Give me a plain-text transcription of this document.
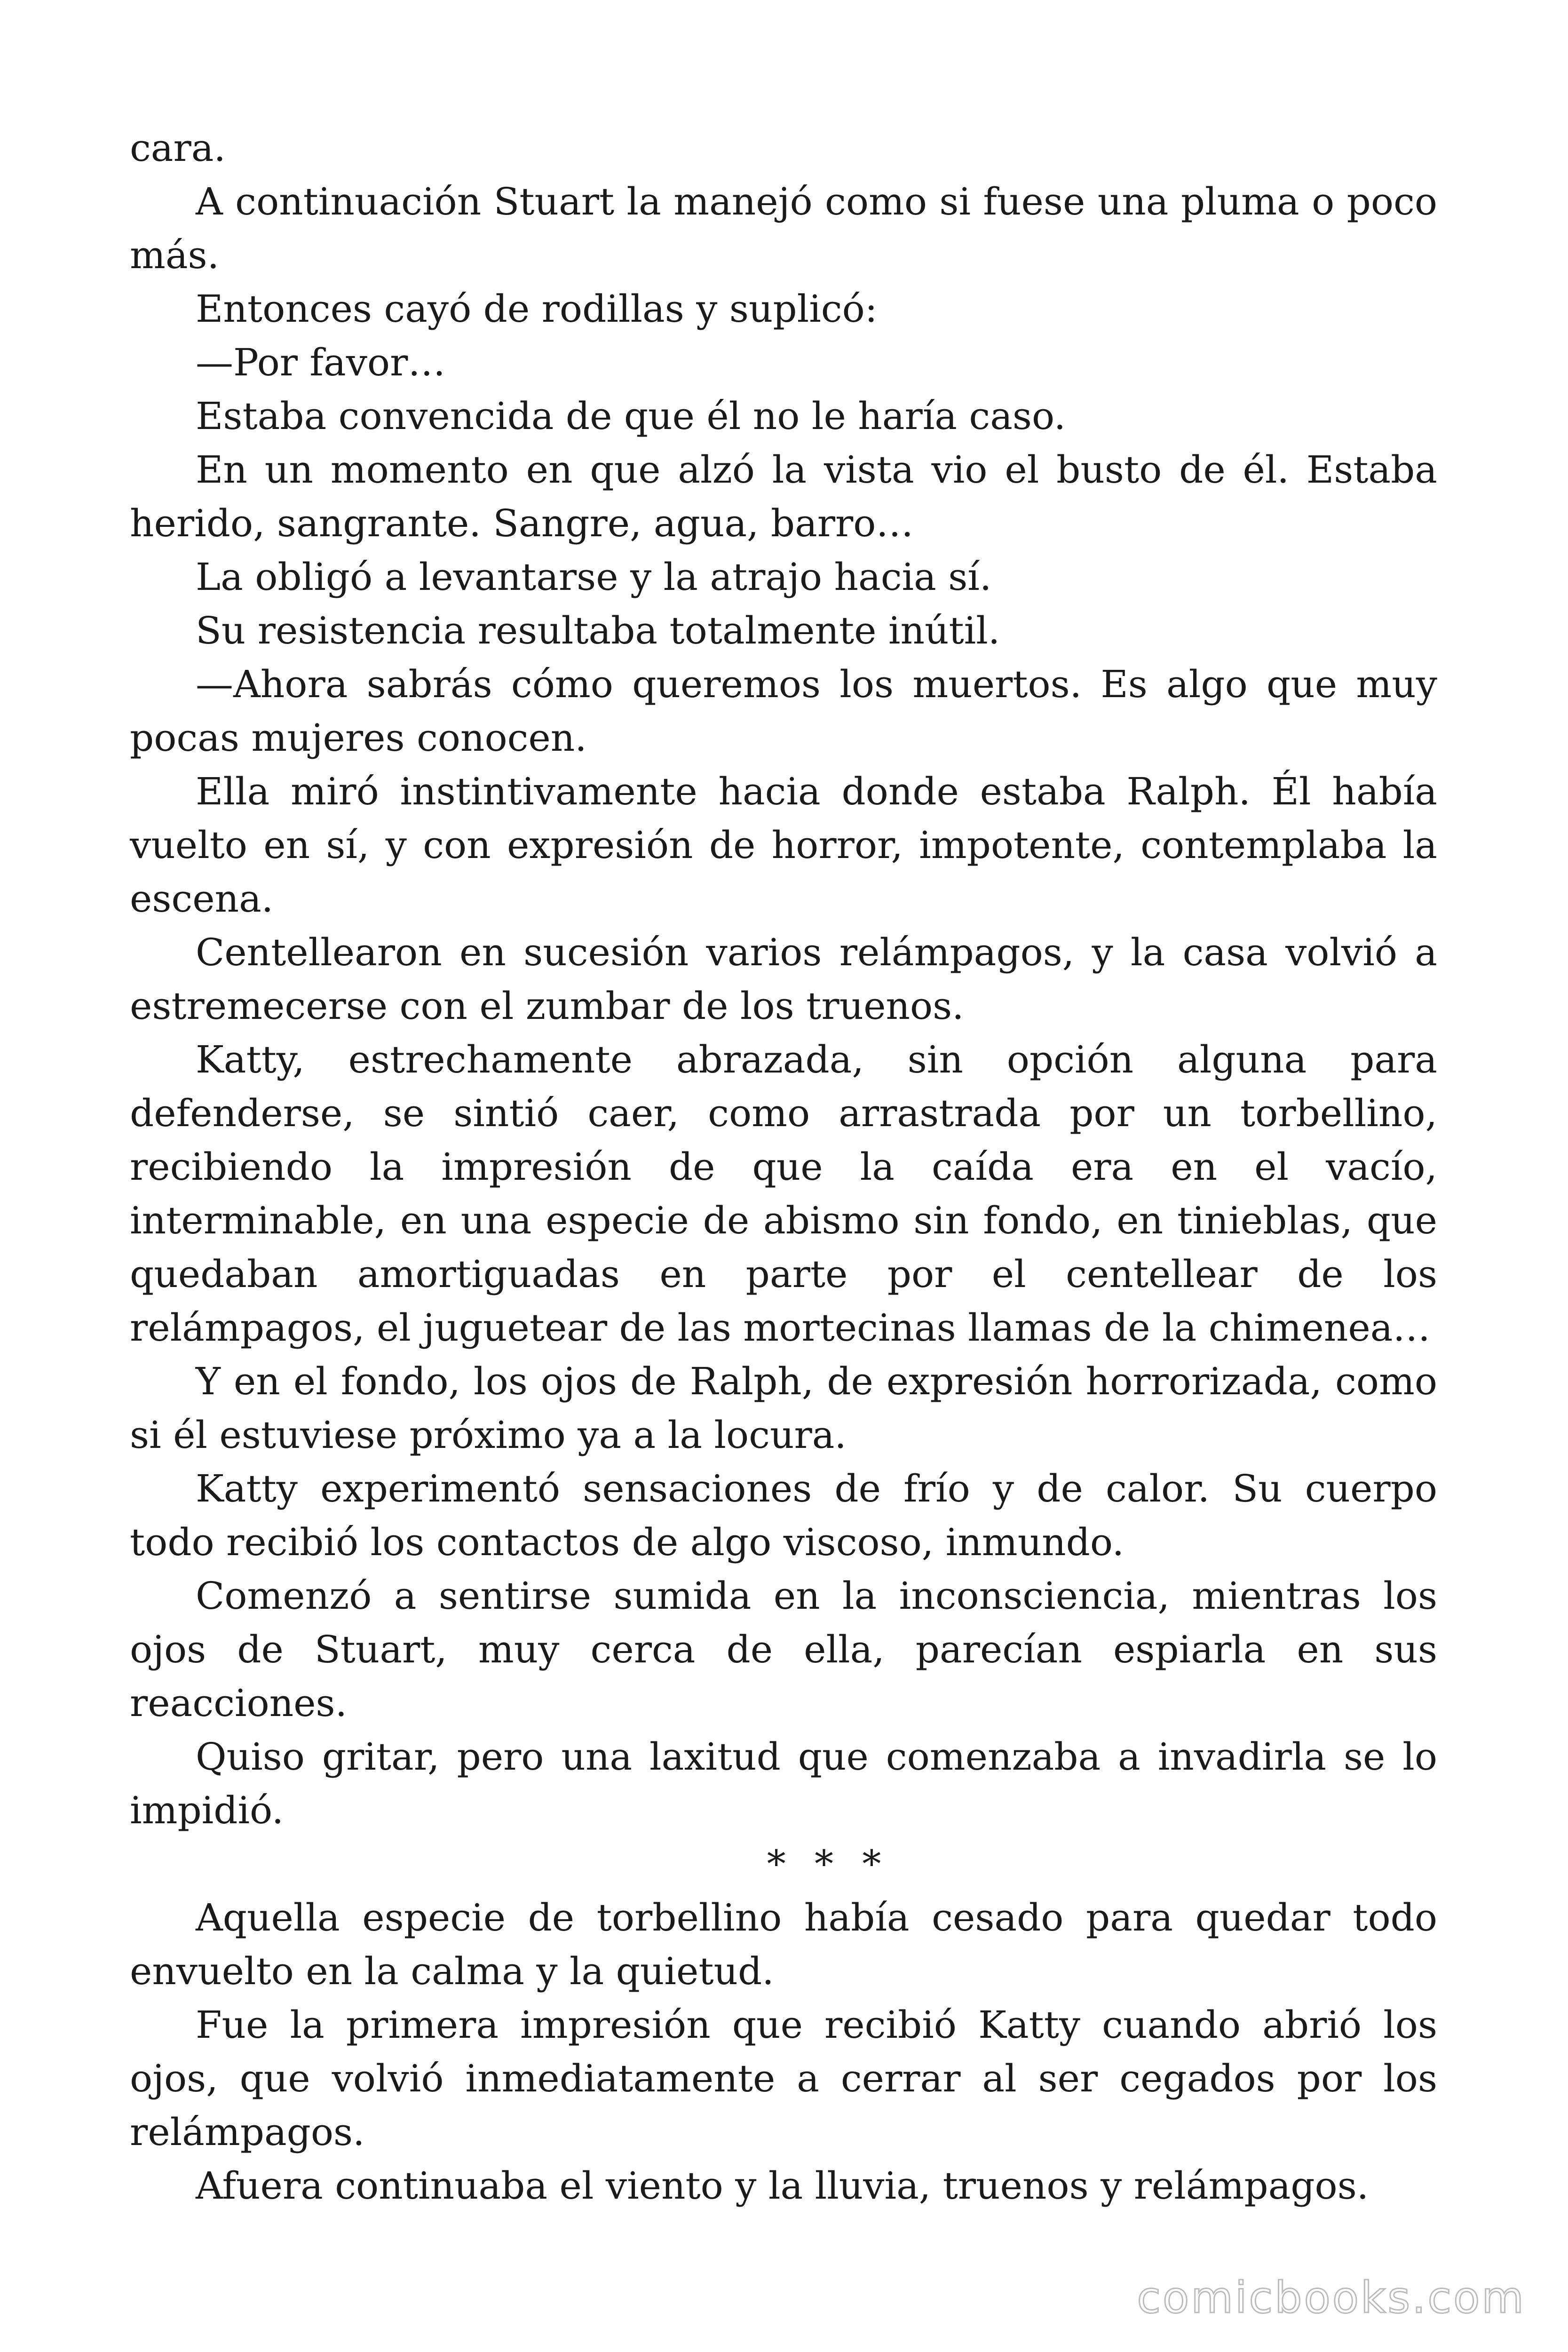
cara.

A continuación Stuart la manejó como si fuese una pluma o poco más.

Entonces cayó de rodillas y suplicó:

—Por favor…

Estaba convencida de que él no le haría caso.

En un momento en que alzó la vista vio el busto de él. Estaba herido, sangrante. Sangre, agua, barro…

La obligó a levantarse y la atrajo hacia sí.

Su resistencia resultaba totalmente inútil.

—Ahora sabrás cómo queremos los muertos. Es algo que muy pocas mujeres conocen.

Ella miró instintivamente hacia donde estaba Ralph. Él había vuelto en sí, y con expresión de horror, impotente, contemplaba la escena.

Centellearon en sucesión varios relámpagos, y la casa volvió a estremecerse con el zumbar de los truenos.

Katty, estrechamente abrazada, sin opción alguna para defenderse, se sintió caer, como arrastrada por un torbellino, recibiendo la impresión de que la caída era en el vacío, interminable, en una especie de abismo sin fondo, en tinieblas, que quedaban amortiguadas en parte por el centellear de los relámpagos, el juguetear de las mortecinas llamas de la chimenea…

Y en el fondo, los ojos de Ralph, de expresión horrorizada, como si él estuviese próximo ya a la locura.

Katty experimentó sensaciones de frío y de calor. Su cuerpo todo recibió los contactos de algo viscoso, inmundo.

Comenzó a sentirse sumida en la inconsciencia, mientras los ojos de Stuart, muy cerca de ella, parecían espiarla en sus reacciones.

Quiso gritar, pero una laxitud que comenzaba a invadirla se lo impidió.

* * *

Aquella especie de torbellino había cesado para quedar todo envuelto en la calma y la quietud.

Fue la primera impresión que recibió Katty cuando abrió los ojos, que volvió inmediatamente a cerrar al ser cegados por los relámpagos.

Afuera continuaba el viento y la lluvia, truenos y relámpagos.

comicbooks.com
